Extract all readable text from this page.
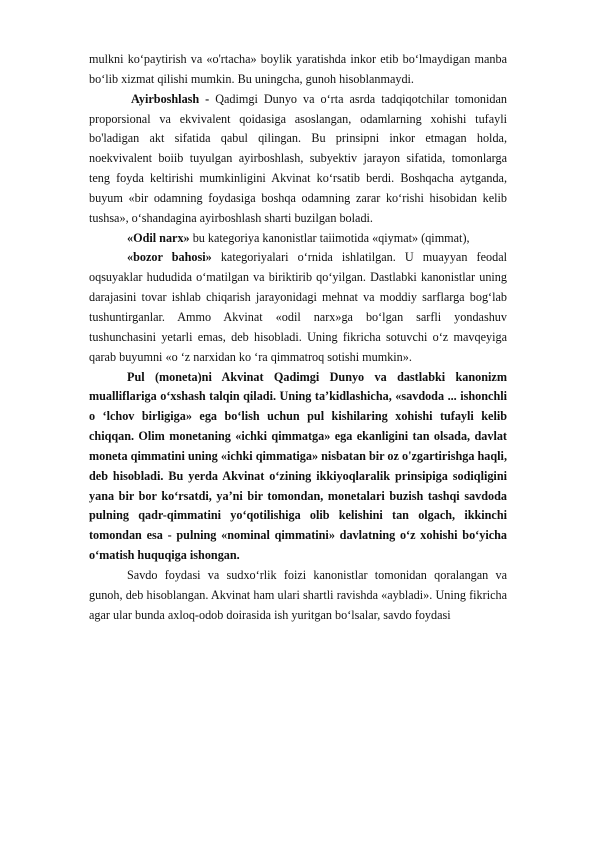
mulkni ko‘paytirish va «o'rtacha» boylik yaratishda inkor etib bo‘lmaydigan manba bo‘lib xizmat qilishi mumkin. Bu uningcha, gunoh hisoblanmaydi.

Ayirboshlash - Qadimgi Dunyo va o‘rta asrda tadqiqotchilar tomonidan proporsional va ekvivalent qoidasiga asoslangan, odamlarning xohishi tufayli bo'ladigan akt sifatida qabul qilingan. Bu prinsipni inkor etmagan holda, noekvivalent boiib tuyulgan ayirboshlash, subyektiv jarayon sifatida, tomonlarga teng foyda keltirishi mumkinligini Akvinat ko‘rsatib berdi. Boshqacha aytganda, buyum «bir odamning foydasiga boshqa odamning zarar ko‘rishi hisobidan kelib tushsa», o‘shandagina ayirboshlash sharti buzilgan boladi.

«Odil narx» bu kategoriya kanonistlar taiimotida «qiymat» (qimmat),

«bozor bahosi» kategoriyalari o‘rnida ishlatilgan. U muayyan feodal oqsuyaklar hududida o‘matilgan va biriktirib qo‘yilgan. Dastlabki kanonistlar uning darajasini tovar ishlab chiqarish jarayonidagi mehnat va moddiy sarflarga bog‘lab tushuntirganlar. Ammo Akvinat «odil narx»ga bo‘lgan sarfli yondashuv tushunchasini yetarli emas, deb hisobladi. Uning fikricha sotuvchi o‘z mavqeyiga qarab buyumni «o ‘z narxidan ko ‘ra qimmatroq sotishi mumkin».

Pul (moneta)ni Akvinat Qadimgi Dunyo va dastlabki kanonizm mualliflariga o‘xshash talqin qiladi. Uning ta’kidlashicha, «savdoda ... ishonchli o ‘lchov birligiga» ega bo‘lish uchun pul kishilaring xohishi tufayli kelib chiqqan. Olim monetaning «ichki qimmatga» ega ekanligini tan olsada, davlat moneta qimmatini uning «ichki qimmatiga» nisbatan bir oz o'zgartirishga haqli, deb hisobladi. Bu yerda Akvinat o‘zining ikkiyoqlaralik prinsipiga sodiqligini yana bir bor ko‘rsatdi, ya’ni bir tomondan, monetalari buzish tashqi savdoda pulning qadr-qimmatini yo‘qotilishiga olib kelishini tan olgach, ikkinchi tomondan esa - pulning «nominal qimmatini» davlatning o‘z xohishi bo‘yicha o‘matish huquqiga ishongan.

Savdo foydasi va sudxo‘rlik foizi kanonistlar tomonidan qoralangan va gunoh, deb hisoblangan. Akvinat ham ulari shartli ravishda «aybladi». Uning fikricha agar ular bunda axloq-odob doirasida ish yuritgan bo‘lsalar, savdo foydasi
